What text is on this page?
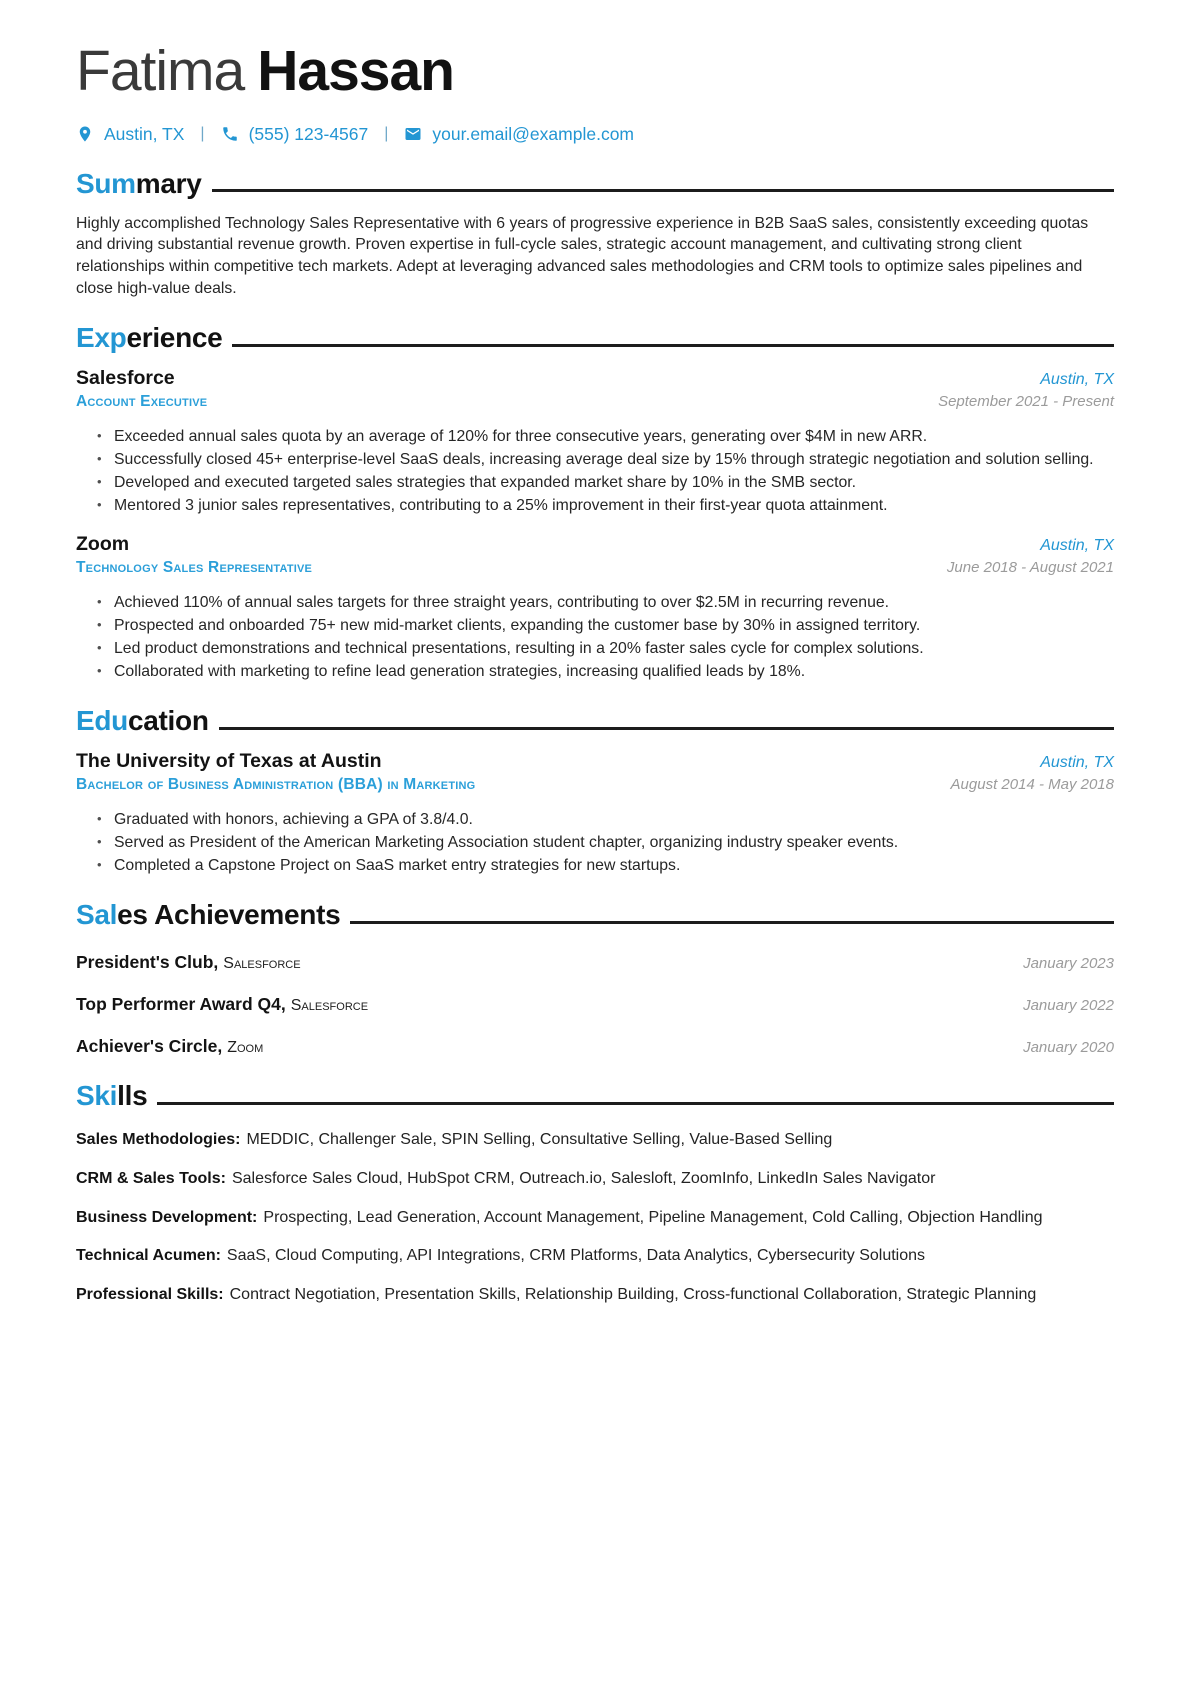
Fatima Hassan
Austin, TX |	(555) 123-4567 |	your.email@example.com
Sum mary

Highly accomplished Technology Sales Representative with 6 years of progressive experience in B2B SaaS sales, consistently exceeding quotas and driving substantial revenue growth. Proven expertise in full-cycle sales, strategic account management, and cultivating strong client relationships within competitive tech markets. Adept at leveraging advanced sales methodologies and CRM tools to optimize sales pipelines and close high-value deals.

Exp erience
Salesforce	Austin, TX
Account Executive	September 2021 - Present
• Exceeded annual sales quota by an average of 120% for three consecutive years, generating over $4M in new ARR.
• Successfully closed 45+ enterprise-level SaaS deals, increasing average deal size by 15% through strategic negotiation and solution selling.
• Developed and executed targeted sales strategies that expanded market share by 10% in the SMB sector.
• Mentored 3 junior sales representatives, contributing to a 25% improvement in their first-year quota attainment.
Zoom	Austin, TX
Technology Sales Representative	June 2018 - August 2021
• Achieved 110% of annual sales targets for three straight years, contributing to over $2.5M in recurring revenue.
• Prospected and onboarded 75+ new mid-market clients, expanding the customer base by 30% in assigned territory.
• Led product demonstrations and technical presentations, resulting in a 20% faster sales cycle for complex solutions.
• Collaborated with marketing to refine lead generation strategies, increasing qualified leads by 18%.
Edu cation
The University of Texas at Austin	Austin, TX
Bachelor of Business Administration (BBA) in Marketing	August 2014 - May 2018
• Graduated with honors, achieving a GPA of 3.8/4.0.
• Served as President of the American Marketing Association student chapter, organizing industry speaker events.
• Completed a Capstone Project on SaaS market entry strategies for new startups.
Sal es Achievements
President's Club, Salesforce	January 2023
Top Performer Award Q4, Salesforce	January 2022
Achiever's Circle, Zoom	January 2020
Ski lls
Sales Methodologies: MEDDIC, Challenger Sale, SPIN Selling, Consultative Selling, Value-Based Selling
CRM & Sales Tools: Salesforce Sales Cloud, HubSpot CRM, Outreach.io, Salesloft, ZoomInfo, LinkedIn Sales Navigator
Business Development: Prospecting, Lead Generation, Account Management, Pipeline Management, Cold Calling, Objection Handling
Technical Acumen: SaaS, Cloud Computing, API Integrations, CRM Platforms, Data Analytics, Cybersecurity Solutions
Professional Skills: Contract Negotiation, Presentation Skills, Relationship Building, Cross-functional Collaboration, Strategic Planning
